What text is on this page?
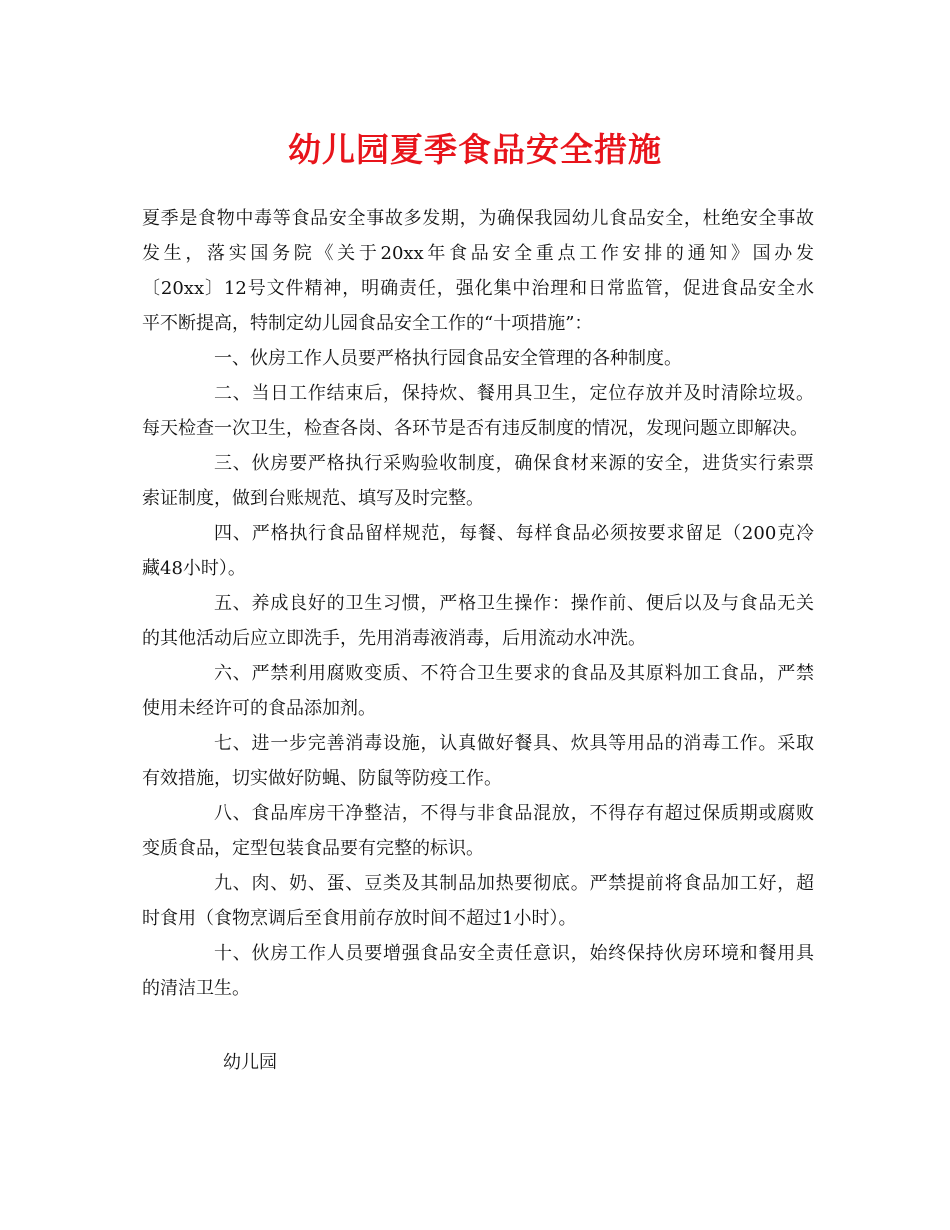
幼儿园夏季食品安全措施
夏季是食物中毒等食品安全事故多发期，为确保我园幼儿食品安全，杜绝安全事故
发生，落实国务院《关于20xx年食品安全重点工作安排的通知》国办发
〔20xx〕12号文件精神，明确责任，强化集中治理和日常监管，促进食品安全水
平不断提高，特制定幼儿园食品安全工作的“十项措施”：
一、伙房工作人员要严格执行园食品安全管理的各种制度。
二、当日工作结束后，保持炊、餐用具卫生，定位存放并及时清除垃圾。
每天检查一次卫生，检查各岗、各环节是否有违反制度的情况，发现问题立即解决。
三、伙房要严格执行采购验收制度，确保食材来源的安全，进货实行索票
索证制度，做到台账规范、填写及时完整。
四、严格执行食品留样规范，每餐、每样食品必须按要求留足（200克冷
藏48小时）。
五、养成良好的卫生习惯，严格卫生操作：操作前、便后以及与食品无关
的其他活动后应立即洗手，先用消毒液消毒，后用流动水冲洗。
六、严禁利用腐败变质、不符合卫生要求的食品及其原料加工食品，严禁
使用未经许可的食品添加剂。
七、进一步完善消毒设施，认真做好餐具、炊具等用品的消毒工作。采取
有效措施，切实做好防蝇、防鼠等防疫工作。
八、食品库房干净整洁，不得与非食品混放，不得存有超过保质期或腐败
变质食品，定型包装食品要有完整的标识。
九、肉、奶、蛋、豆类及其制品加热要彻底。严禁提前将食品加工好，超
时食用（食物烹调后至食用前存放时间不超过1小时）。
十、伙房工作人员要增强食品安全责任意识，始终保持伙房环境和餐用具
的清洁卫生。
幼儿园
